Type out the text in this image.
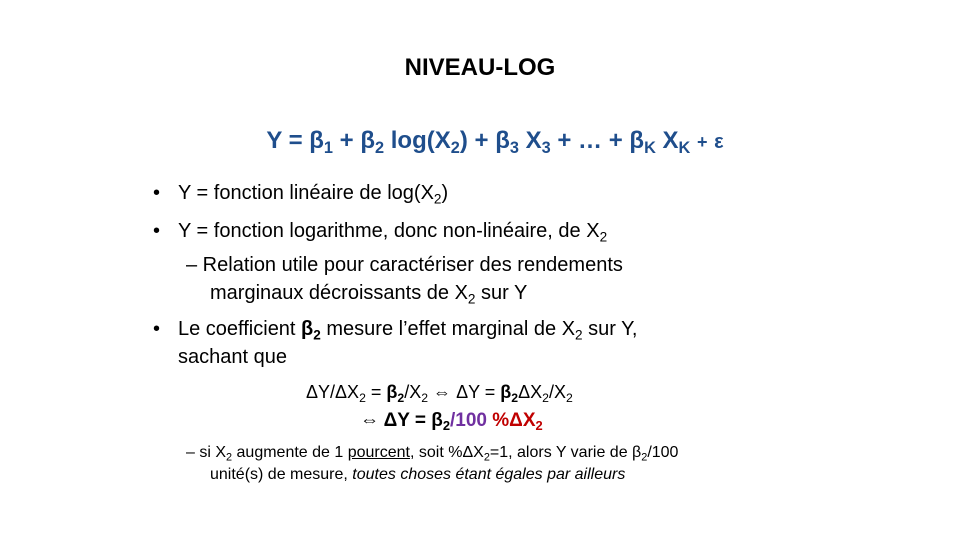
NIVEAU-LOG
$Y = \beta_1 + \beta_2$ $\log(X_2) + \beta_3$ $X_3$ + … + $\beta_K$ $X_K + \varepsilon$
• Y = fonction linéaire de $\log(X_2)$
• Y = fonction logarithme, donc non-linéaire, de $X_2$
– Relation utile pour caractériser des rendements
marginaux décroissants de $X_2$ sur Y
• Le coefficient $\beta_2$ mesure l’effet marginal de $X_2$ sur Y,
sachant que
$\Delta Y/\Delta X_2 = \beta_2/X_2$ ⇔ $\Delta Y = \beta_2\Delta X_2/X_2$
⇔ $\Delta Y = \beta_2/100$ $\%\Delta X_2$
– si $X_2$ augmente de 1 pourcent, soit $\%\Delta X_2=1$, alors Y varie de $\beta_2/100$
unité(s) de mesure, toutes choses étant égales par ailleurs
